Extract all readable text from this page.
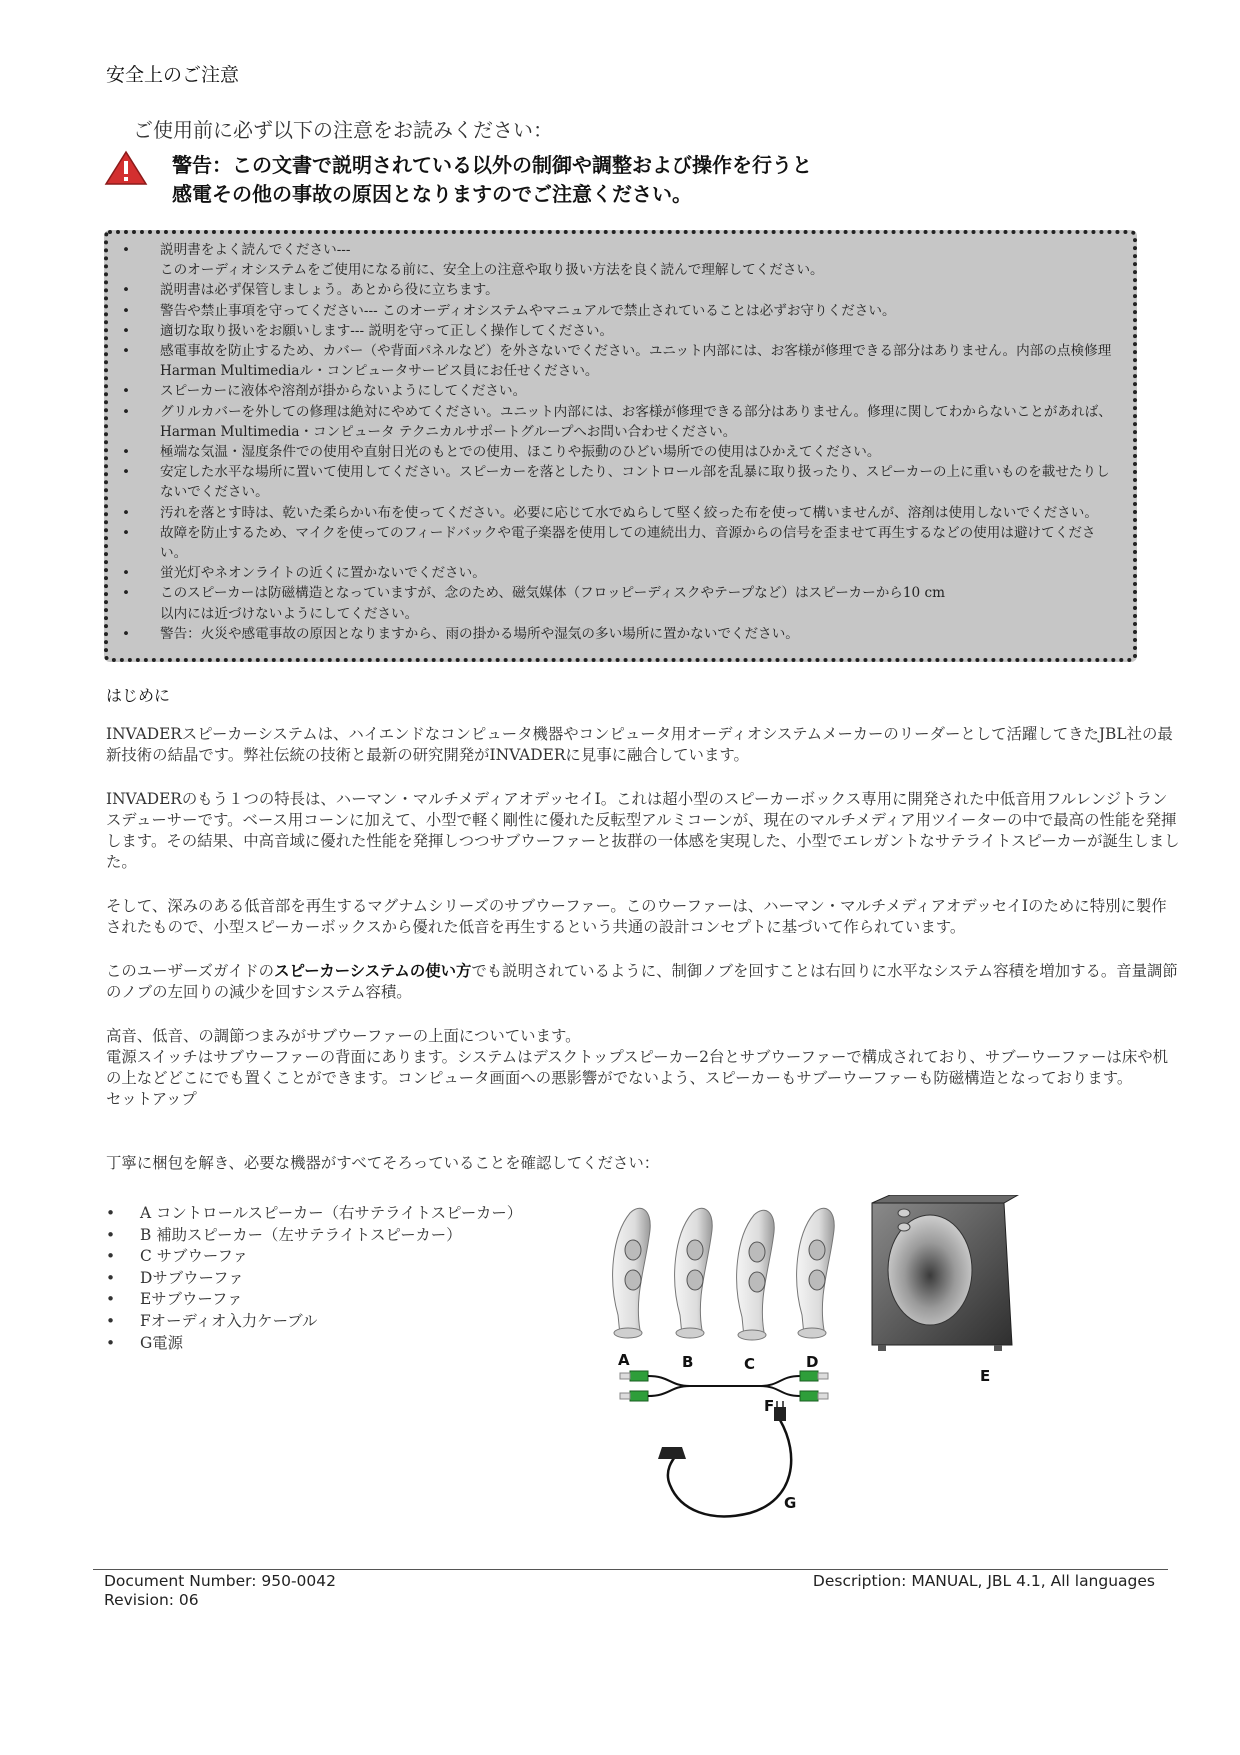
安全上のご注意
ご使用前に必ず以下の注意をお読みください：
警告：この文書で説明されている以外の制御や調整および操作を行うと
感電その他の事故の原因となりますのでご注意ください。
• 説明書をよく読んでください---
このオーディオシステムをご使用になる前に、安全上の注意や取り扱い方法を良く読んで理解してください。
• 説明書は必ず保管しましょう。あとから役に立ちます。
• 警告や禁止事項を守ってください--- このオーディオシステムやマニュアルで禁止されていることは必ずお守りください。
• 適切な取り扱いをお願いします--- 説明を守って正しく操作してください。
• 感電事故を防止するため、カバー（や背面パネルなど）を外さないでください。ユニット内部には、お客様が修理できる部分はありません。内部の点検修理 Harman Multimediaル・コンピュータサービス員にお任せください。
• スピーカーに液体や溶剤が掛からないようにしてください。
• グリルカバーを外しての修理は絶対にやめてください。ユニット内部には、お客様が修理できる部分はありません。修理に関してわからないことがあれば、Harman Multimedia・コンピュータ テクニカルサポートグループへお問い合わせください。
• 極端な気温・湿度条件での使用や直射日光のもとでの使用、ほこりや振動のひどい場所での使用はひかえてください。
• 安定した水平な場所に置いて使用してください。スピーカーを落としたり、コントロール部を乱暴に取り扱ったり、スピーカーの上に重いものを載せたりしないでください。
• 汚れを落とす時は、乾いた柔らかい布を使ってください。必要に応じて水でぬらして堅く絞った布を使って構いませんが、溶剤は使用しないでください。
• 故障を防止するため、マイクを使ってのフィードバックや電子楽器を使用しての連続出力、音源からの信号を歪ませて再生するなどの使用は避けてください。
• 蛍光灯やネオンライトの近くに置かないでください。
• このスピーカーは防磁構造となっていますが、念のため、磁気媒体（フロッピーディスクやテープなど）はスピーカーから10 cm
以内には近づけないようにしてください。
• 警告：火災や感電事故の原因となりますから、雨の掛かる場所や湿気の多い場所に置かないでください。
はじめに
INVADERスピーカーシステムは、ハイエンドなコンピュータ機器やコンピュータ用オーディオシステムメーカーのリーダーとして活躍してきたJBL社の最新技術の結晶です。弊社伝統の技術と最新の研究開発がINVADERに見事に融合しています。
INVADERのもう１つの特長は、ハーマン・マルチメディアオデッセイI。これは超小型のスピーカーボックス専用に開発された中低音用フルレンジトランスデューサーです。ベース用コーンに加えて、小型で軽く剛性に優れた反転型アルミコーンが、現在のマルチメディア用ツイーターの中で最高の性能を発揮します。その結果、中高音域に優れた性能を発揮しつつサブウーファーと抜群の一体感を実現した、小型でエレガントなサテライトスピーカーが誕生しました。
そして、深みのある低音部を再生するマグナムシリーズのサブウーファー。このウーファーは、ハーマン・マルチメディアオデッセイIのために特別に製作されたもので、小型スピーカーボックスから優れた低音を再生するという共通の設計コンセプトに基づいて作られています。
このユーザーズガイドのスピーカーシステムの使い方でも説明されているように、制御ノブを回すことは右回りに水平なシステム容積を増加する。音量調節のノブの左回りの減少を回すシステム容積。
高音、低音、の調節つまみがサブウーファーの上面についています。
電源スイッチはサブウーファーの背面にあります。システムはデスクトップスピーカー2台とサブウーファーで構成されており、サブーウーファーは床や机の上などどこにでも置くことができます。コンピュータ画面への悪影響がでないよう、スピーカーもサブーウーファーも防磁構造となっております。
セットアップ
丁寧に梱包を解き、必要な機器がすべてそろっていることを確認してください：
• A コントロールスピーカー（右サテライトスピーカー）
• B 補助スピーカー（左サテライトスピーカー）
• C サブウーファ
• Dサブウーファ
• Eサブウーファ
• Fオーディオ入力ケーブル
• G電源
A	B	C	D
E
F
G
Document Number: 950-0042
Revision: 06
Description: MANUAL, JBL 4.1, All languages
